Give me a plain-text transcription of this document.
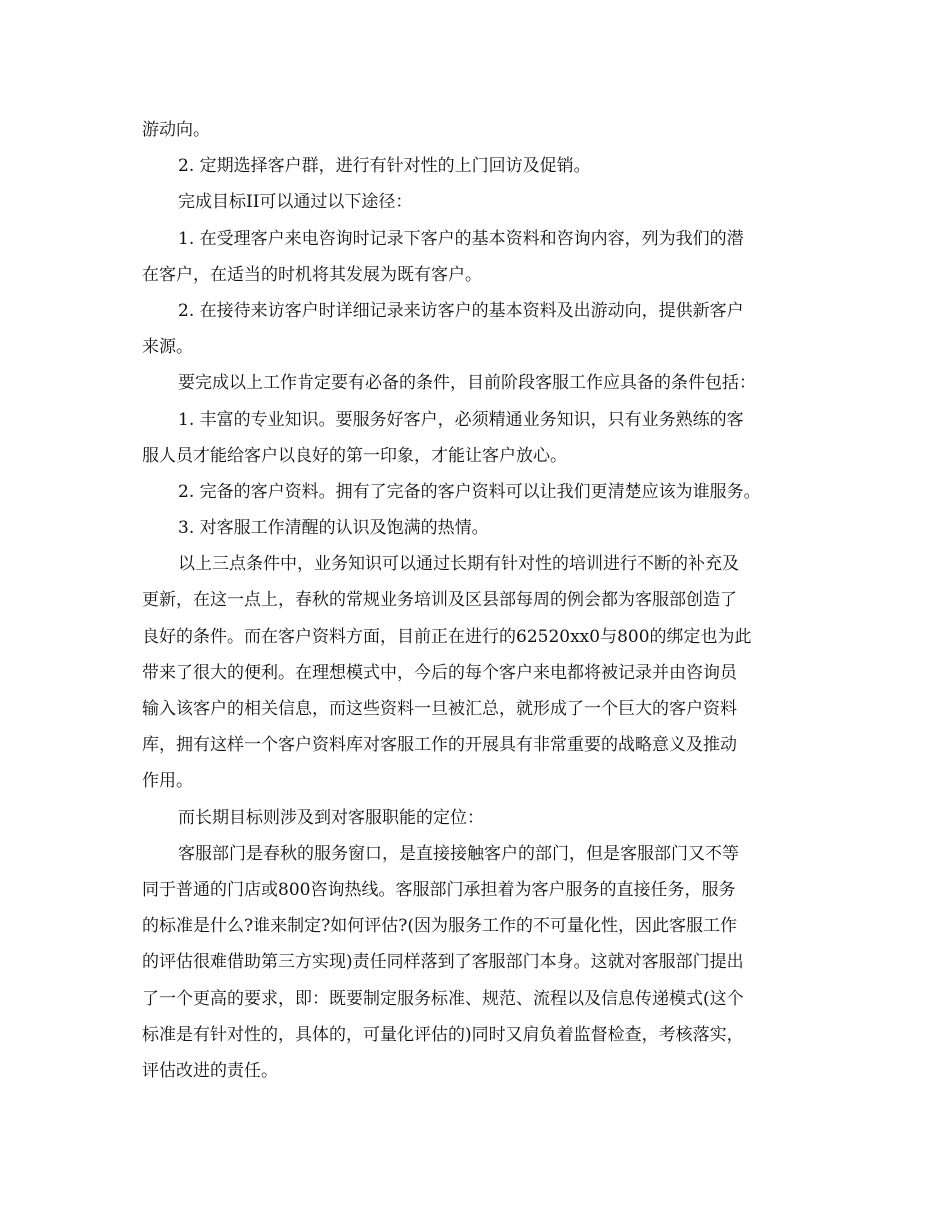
游动向。
2. 定期选择客户群，进行有针对性的上门回访及促销。
完成目标II可以通过以下途径：
1. 在受理客户来电咨询时记录下客户的基本资料和咨询内容，列为我们的潜
在客户，在适当的时机将其发展为既有客户。
2. 在接待来访客户时详细记录来访客户的基本资料及出游动向，提供新客户
来源。
要完成以上工作肯定要有必备的条件，目前阶段客服工作应具备的条件包括：
1. 丰富的专业知识。要服务好客户，必须精通业务知识，只有业务熟练的客
服人员才能给客户以良好的第一印象，才能让客户放心。
2. 完备的客户资料。拥有了完备的客户资料可以让我们更清楚应该为谁服务。
3. 对客服工作清醒的认识及饱满的热情。
以上三点条件中，业务知识可以通过长期有针对性的培训进行不断的补充及
更新，在这一点上，春秋的常规业务培训及区县部每周的例会都为客服部创造了
良好的条件。而在客户资料方面，目前正在进行的62520xx0与800的绑定也为此
带来了很大的便利。在理想模式中，今后的每个客户来电都将被记录并由咨询员
输入该客户的相关信息，而这些资料一旦被汇总，就形成了一个巨大的客户资料
库，拥有这样一个客户资料库对客服工作的开展具有非常重要的战略意义及推动
作用。
而长期目标则涉及到对客服职能的定位：
客服部门是春秋的服务窗口，是直接接触客户的部门，但是客服部门又不等
同于普通的门店或800咨询热线。客服部门承担着为客户服务的直接任务，服务
的标准是什么?谁来制定?如何评估?(因为服务工作的不可量化性，因此客服工作
的评估很难借助第三方实现)责任同样落到了客服部门本身。这就对客服部门提出
了一个更高的要求，即：既要制定服务标准、规范、流程以及信息传递模式(这个
标准是有针对性的，具体的，可量化评估的)同时又肩负着监督检查，考核落实，
评估改进的责任。
